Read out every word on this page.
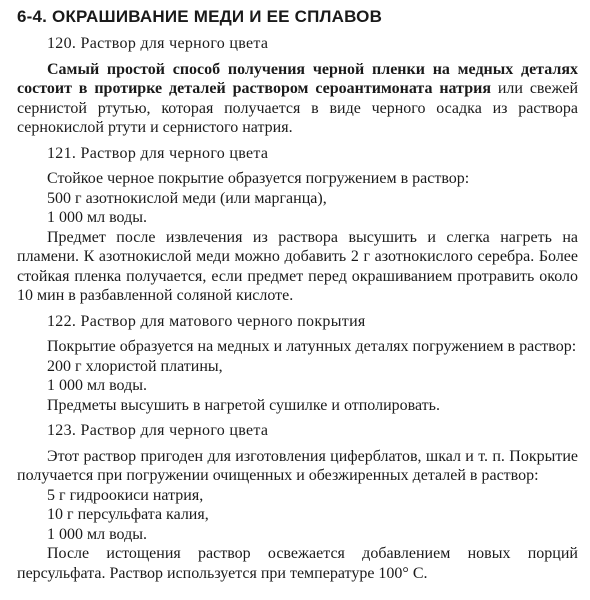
6-4. ОКРАШИВАНИЕ МЕДИ И ЕЕ СПЛАВОВ
120. Раствор для черного цвета

Самый простой способ получения черной пленки на медных деталях состоит в протирке деталей раствором сероантимоната натрия или свежей сернистой ртутью, которая получается в виде черного осадка из раствора сернокислой ртути и сернистого натрия.

121. Раствор для черного цвета

Стойкое черное покрытие образуется погружением в раствор:

500 г азотнокислой меди (или марганца),
1 000 мл воды.

Предмет после извлечения из раствора высушить и слегка нагреть на пламени. К азотнокислой меди можно добавить 2 г азотнокислого серебра. Более стойкая пленка получается, если предмет перед окрашиванием протравить около 10 мин в разбавленной соляной кислоте.

122. Раствор для матового черного покрытия

Покрытие образуется на медных и латунных деталях погружением в раствор:

200 г хлористой платины,
1 000 мл воды.

Предметы высушить в нагретой сушилке и отполировать.

123. Раствор для черного цвета

Этот раствор пригоден для изготовления циферблатов, шкал и т. п. Покрытие получается при погружении очищенных и обезжиренных деталей в раствор:

5 г гидроокиси натрия,
10 г персульфата калия,
1 000 мл воды.

После истощения раствор освежается добавлением новых порций персульфата. Раствор используется при температуре 100° С.
